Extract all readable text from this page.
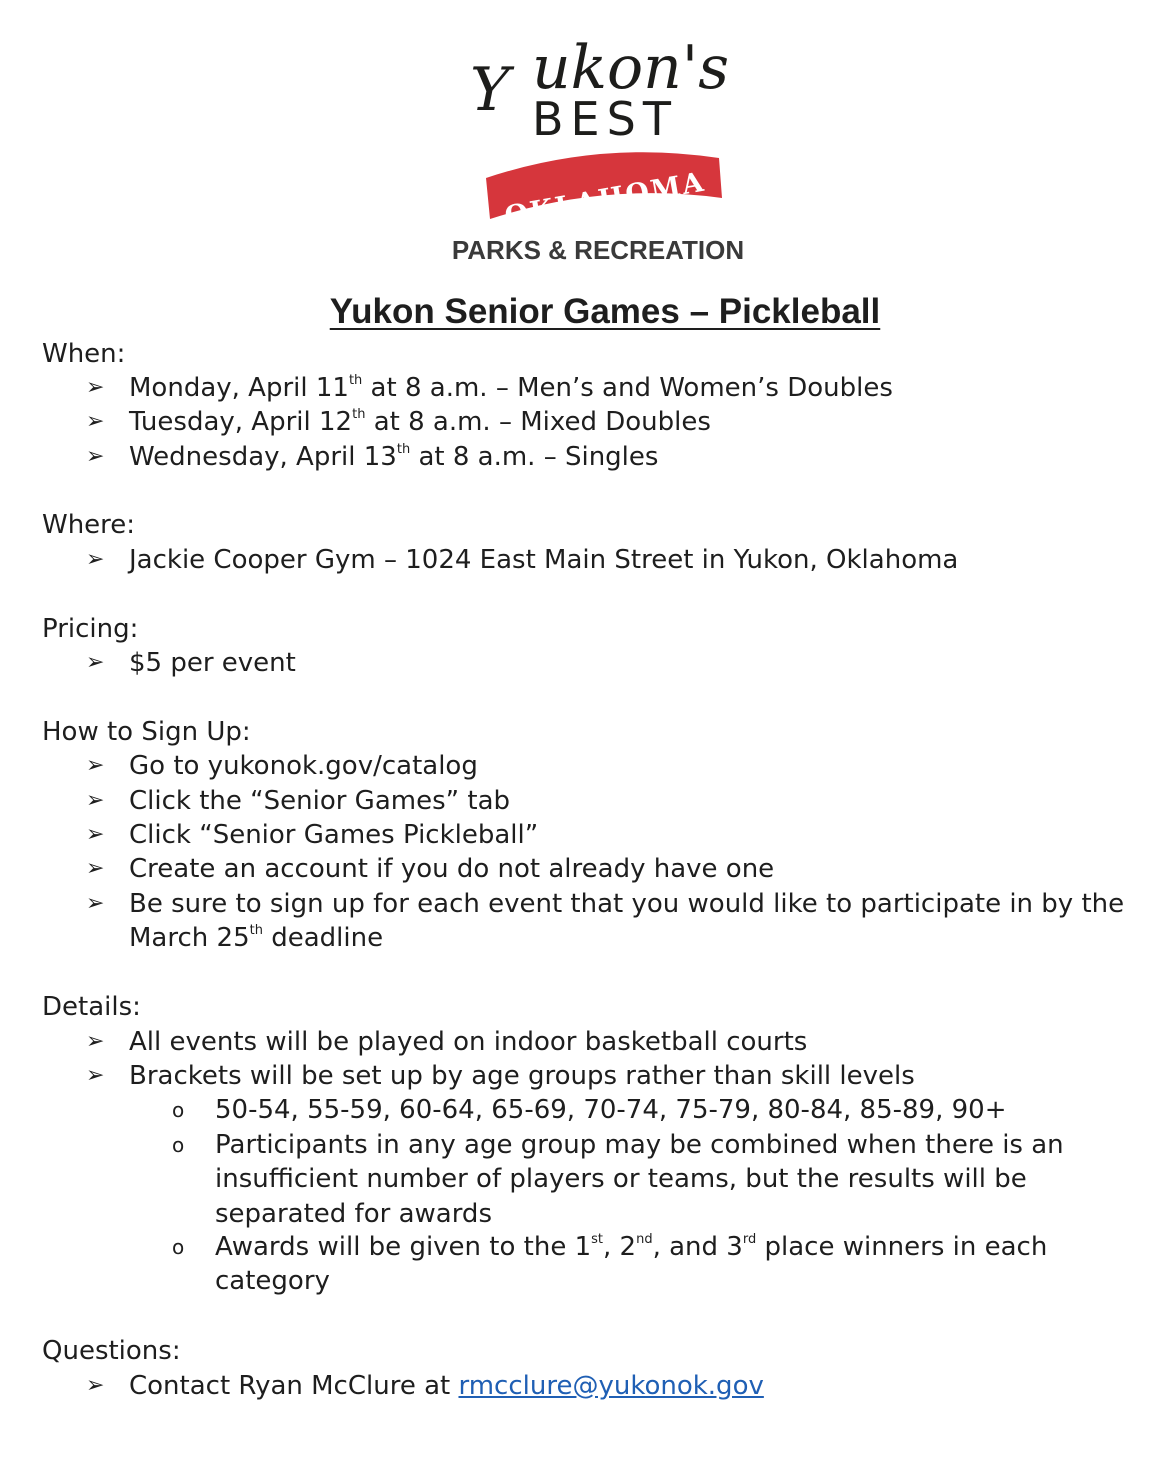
Y ukon's
BEST
OKLAHOMA
PARKS & RECREATION
Yukon Senior Games – Pickleball
When:
➢ Monday, April 11th at 8 a.m. – Men’s and Women’s Doubles
➢ Tuesday, April 12th at 8 a.m. – Mixed Doubles
➢ Wednesday, April 13th at 8 a.m. – Singles
Where:
➢ Jackie Cooper Gym – 1024 East Main Street in Yukon, Oklahoma
Pricing:
➢ $5 per event
How to Sign Up:
➢ Go to yukonok.gov/catalog
➢ Click the “Senior Games” tab
➢ Click “Senior Games Pickleball”
➢ Create an account if you do not already have one
➢ Be sure to sign up for each event that you would like to participate in by the March 25th deadline
Details:
➢ All events will be played on indoor basketball courts
➢ Brackets will be set up by age groups rather than skill levels
o 50-54, 55-59, 60-64, 65-69, 70-74, 75-79, 80-84, 85-89, 90+
o Participants in any age group may be combined when there is an insufficient number of players or teams, but the results will be separated for awards
o Awards will be given to the 1st, 2nd, and 3rd place winners in each category
Questions:
➢ Contact Ryan McClure at rmcclure@yukonok.gov
